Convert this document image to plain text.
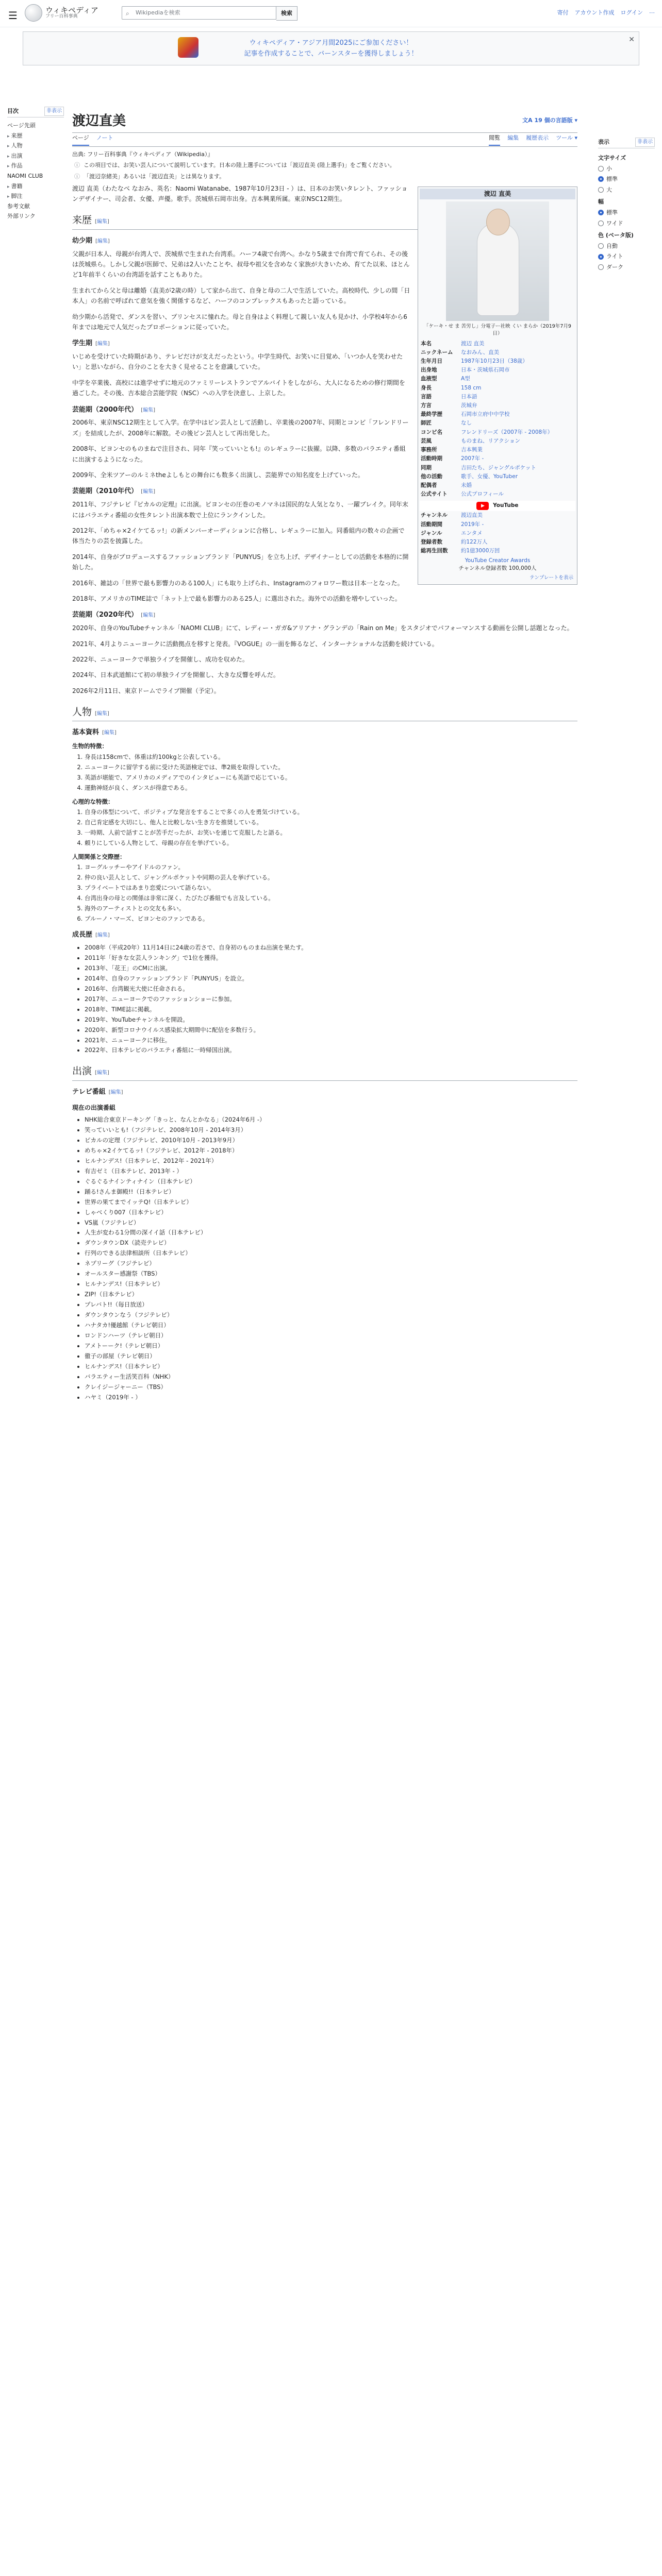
☰	ウィキペディア
フリー百科事典	⌕ Wikipediaを検索	検索	寄付 アカウント作成 ログイン ⋯
ウィキペディア・アジア月間2025にご参加ください！
記事を作成することで、バーンスターを獲得しましょう！
✕
目次	非表示
ページ先頭
▸ 来歴
▸ 人物
▸ 出演
▸ 作品
NAOMI CLUB
▸ 書籍
▸ 脚注
参考文献
外部リンク
表示	非表示
文字サイズ
小
標準
大
幅
標準
ワイド
色 (ベータ版)
自動
ライト
ダーク
渡辺直美	文A 19 個の言語版 ▾
ページ ノート	閲覧 編集 履歴表示 ツール ▾
出典: フリー百科事典『ウィキペディア（Wikipedia）』
ⓘ この項目では、お笑い芸人について説明しています。日本の陸上選手については「渡辺直美 (陸上選手)」をご覧ください。
ⓘ 「渡辺奈緒美」あるいは「渡辺直美」とは異なります。
渡辺 直美
「ケーキ・せ ま 苦労し」分電子ー社映 くい まらか（2019年7月9日）
本名	渡辺 直美
ニックネーム	なおみん、直美
生年月日	1987年10月23日（38歳）
出身地	日本・茨城県石岡市
血液型	A型
身長	158 cm
言語	日本語
方言	茨城弁
最終学歴	石岡市立府中中学校
師匠	なし
コンビ名	フレンドリーズ（2007年 - 2008年）
芸風	ものまね、リアクション
事務所	吉本興業
活動時期	2007年 -
同期	吉田たち、ジャングルポケット
他の活動	歌手、女優、YouTuber
配偶者	未婚
公式サイト	公式プロフィール
▶ YouTube
チャンネル	渡辺直美
活動期間	2019年 -
ジャンル	エンタメ
登録者数	約122万人
総再生回数	約1億3000万回
YouTube Creator Awards
チャンネル登録者数 100,000人
テンプレートを表示

渡辺 直美（わたなべ なおみ、英名：Naomi Watanabe、1987年10月23日 - ）は、日本のお笑いタレント、ファッションデザイナー、司会者、女優、声優。歌手。茨城県石岡市出身。吉本興業所属。東京NSC12期生。

来歴 [編集]
幼少期 [編集]

父親が日本人、母親が台湾人で、茨城県で生まれた台湾系。ハーフ4歳で台湾へ。かなり5歳まで台湾で育てられ、その後は茨城県ら。しかし父親が医師で、兄弟は2人いたことや、叔母や祖父を含めなく家族が大きいため、育てた以来、ほとんど1年前半くらいの台湾語を話すこともありた。

生まれてから父と母は離婚（直美が2歳の時）して家から出て、自身と母の二人で生活していた。高校時代、少しの間「日本人」の名前で呼ばれて意気を強く関係するなど、ハーフのコンプレックスもあったと語っている。

幼少期から活発で、ダンスを習い、プリンセスに憧れた。母と自身はよく料理して親しい友人も見かけ、小学校4年から6年までは地元で人気だったプロポーションに従っていた。

学生期 [編集]

いじめを受けていた時期があり、テレビだけが支えだったという。中学生時代、お笑いに目覚め、「いつか人を笑わせたい」と思いながら、自分のことを大きく見せることを意識していた。

中学を卒業後、高校には進学せずに地元のファミリーレストランでアルバイトをしながら、大人になるための修行期間を過ごした。その後、吉本総合芸能学院（NSC）への入学を決意し、上京した。

芸能期（2000年代） [編集]

2006年、東京NSC12期生として入学。在学中はピン芸人として活動し、卒業後の2007年、同期とコンビ「フレンドリーズ」を結成したが、2008年に解散。その後ピン芸人として再出発した。

2008年、ビヨンセのものまねで注目され、同年『笑っていいとも!』のレギュラーに抜擢。以降、多数のバラエティ番組に出演するようになった。

2009年、全米ツアーのルミネtheよしもとの舞台にも数多く出演し、芸能界での知名度を上げていった。

芸能期（2010年代） [編集]

2011年、フジテレビ『ピカルの定理』に出演。ビヨンセの圧巻のモノマネは国民的な人気となり、一躍ブレイク。同年末にはバラエティ番組の女性タレント出演本数で上位にランクインした。

2012年、「めちゃ×2イケてるッ!」の新メンバーオーディションに合格し、レギュラーに加入。同番組内の数々の企画で体当たりの芸を披露した。

2014年、自身がプロデュースするファッションブランド「PUNYUS」を立ち上げ、デザイナーとしての活動を本格的に開始した。

2016年、雑誌の「世界で最も影響力のある100人」にも取り上げられ、Instagramのフォロワー数は日本一となった。

2018年、アメリカのTIME誌で「ネット上で最も影響力のある25人」に選出された。海外での活動を増やしていった。

芸能期（2020年代） [編集]

2020年、自身のYouTubeチャンネル「NAOMI CLUB」にて、レディー・ガガ&アリアナ・グランデの「Rain on Me」をスタジオでパフォーマンスする動画を公開し話題となった。

2021年、4月よりニューヨークに活動拠点を移すと発表。『VOGUE』の一面を飾るなど、インターナショナルな活動を続けている。

2022年、ニューヨークで単独ライブを開催し、成功を収めた。

2024年、日本武道館にて初の単独ライブを開催し、大きな反響を呼んだ。

2026年2月11日、東京ドームでライブ開催（予定）。

人物 [編集]
基本資料 [編集]
生物的特徴：
1. 身長は158cmで、体重は約100kgと公表している。
2. ニューヨークに留学する前に受けた英語検定では、準2級を取得していた。
3. 英語が堪能で、アメリカのメディアでのインタビューにも英語で応じている。
4. 運動神経が良く、ダンスが得意である。
心理的な特徴：
1. 自身の体型について、ポジティブな発言をすることで多くの人を勇気づけている。
2. 自己肯定感を大切にし、他人と比較しない生き方を推奨している。
3. 一時期、人前で話すことが苦手だったが、お笑いを通じて克服したと語る。
4. 頼りにしている人物として、母親の存在を挙げている。
人間関係と交際歴：
1. ヨーグルッチーやアイドルのファン。
2. 仲の良い芸人として、ジャングルポケットや同期の芸人を挙げている。
3. プライベートではあまり恋愛について語らない。
4. 台湾出身の母との関係は非常に深く、たびたび番組でも言及している。
5. 海外のアーティストとの交友も多い。
6. ブルーノ・マーズ、ビヨンセのファンである。
成長歴 [編集]
• 2008年（平成20年）11月14日に24歳の若さで、自身初のものまね出演を果たす。
• 2011年「好きな女芸人ランキング」で1位を獲得。
• 2013年、「花王」のCMに出演。
• 2014年、自身のファッションブランド「PUNYUS」を設立。
• 2016年、台湾観光大使に任命される。
• 2017年、ニューヨークでのファッションショーに参加。
• 2018年、TIME誌に掲載。
• 2019年、YouTubeチャンネルを開設。
• 2020年、新型コロナウイルス感染拡大期間中に配信を多数行う。
• 2021年、ニューヨークに移住。
• 2022年、日本テレビのバラエティ番組に一時帰国出演。
出演 [編集]
テレビ番組 [編集]
現在の出演番組
• NHK総合東京ドーキング「きっと、なんとかなる」（2024年6月 -）
• 笑っていいとも!（フジテレビ、2008年10月 - 2014年3月）
• ピカルの定理（フジテレビ、2010年10月 - 2013年9月）
• めちゃ×2イケてるッ!（フジテレビ、2012年 - 2018年）
• ヒルナンデス!（日本テレビ、2012年 - 2021年）
• 有吉ゼミ（日本テレビ、2013年 - ）
• ぐるぐるナインティナイン（日本テレビ）
• 踊る!さんま御殿!!（日本テレビ）
• 世界の果てまでイッテQ!（日本テレビ）
• しゃべくり007（日本テレビ）
• VS嵐（フジテレビ）
• 人生が変わる1分間の深イイ話（日本テレビ）
• ダウンタウンDX（読売テレビ）
• 行列のできる法律相談所（日本テレビ）
• ネプリーグ（フジテレビ）
• オールスター感謝祭（TBS）
• ヒルナンデス!（日本テレビ）
• ZIP!（日本テレビ）
• プレバト!!（毎日放送）
• ダウンタウンなう（フジテレビ）
• ハナタカ!優越館（テレビ朝日）
• ロンドンハーツ（テレビ朝日）
• アメトーーク!（テレビ朝日）
• 徹子の部屋（テレビ朝日）
• ヒルナンデス!（日本テレビ）
• バラエティー生活笑百科（NHK）
• クレイジージャーニー（TBS）
• ハヤミ（2019年 - ）
